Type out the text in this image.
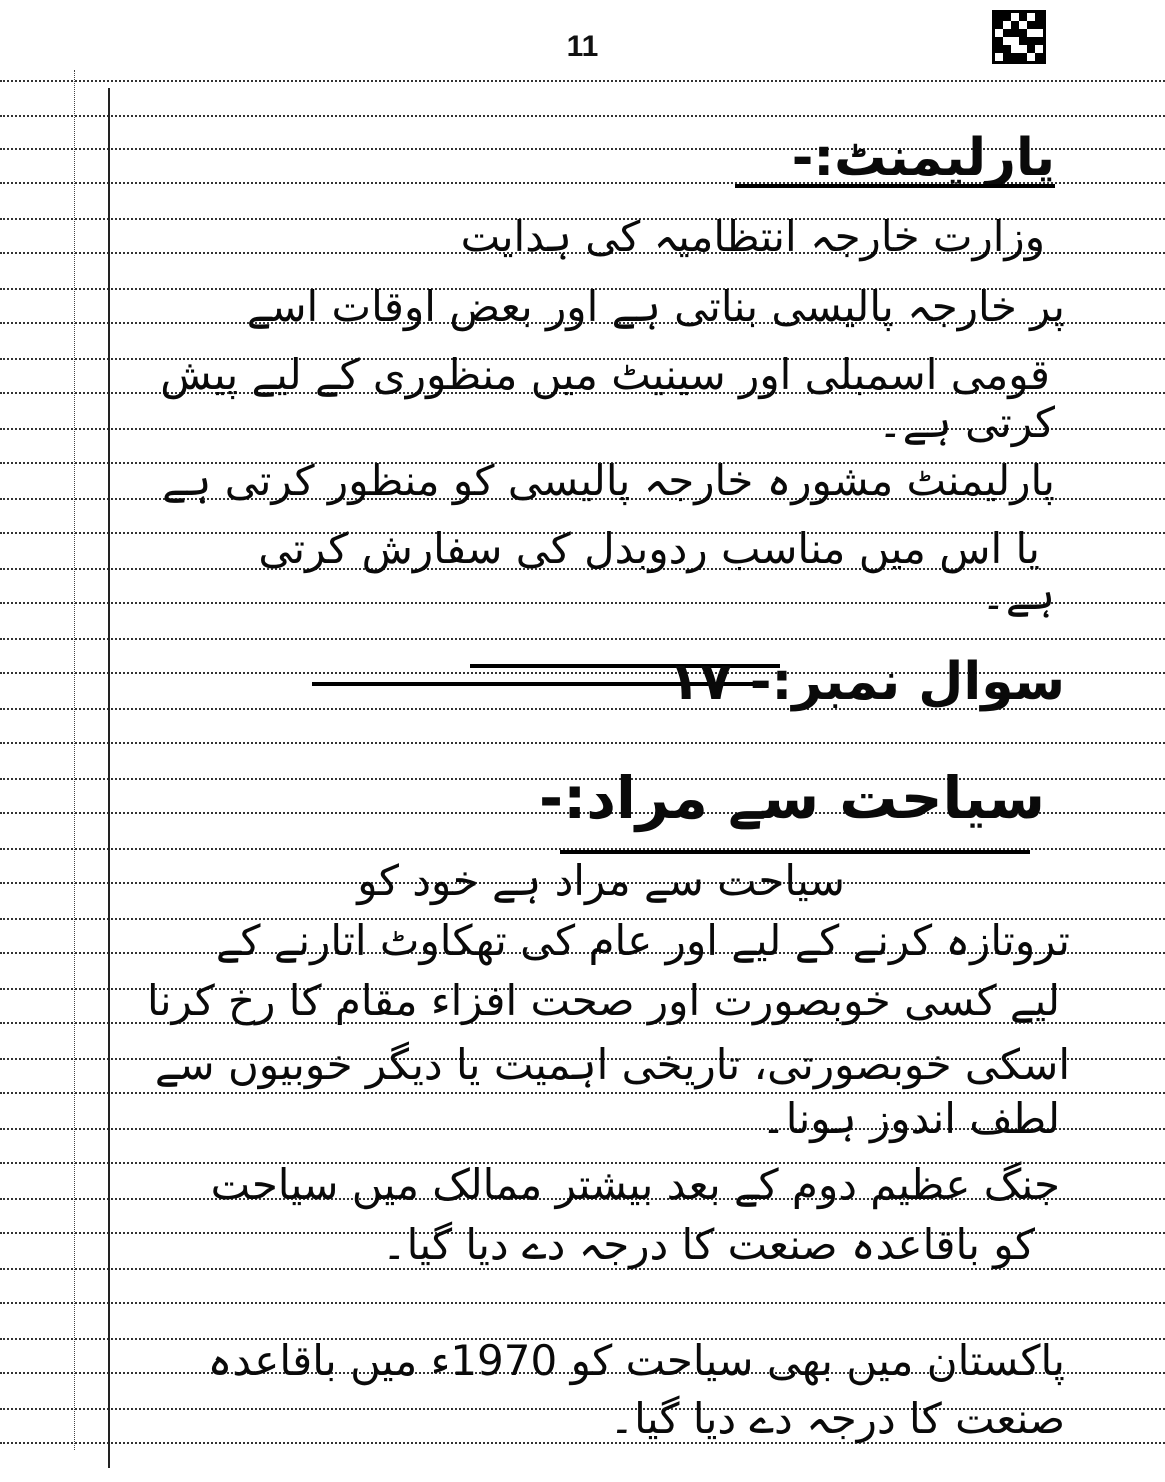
11
پارلیمنٹ:-
وزارت خارجہ انتظامیہ کی ہدایت
پر خارجہ پالیسی بناتی ہے اور بعض اوقات اسے
قومی اسمبلی اور سینیٹ میں منظوری کے لیے پیش
کرتی ہے۔
پارلیمنٹ مشورہ خارجہ پالیسی کو منظور کرتی ہے
یا اس میں مناسب ردوبدل کی سفارش کرتی
ہے۔
سوال نمبر:- ۱۷
سیاحت سے مراد:-
سیاحت سے مراد ہے خود کو
تروتازہ کرنے کے لیے اور عام کی تھکاوٹ اتارنے کے
لیے کسی خوبصورت اور صحت افزاء مقام کا رخ کرنا
اسکی خوبصورتی، تاریخی اہمیت یا دیگر خوبیوں سے
لطف اندوز ہونا۔
جنگ عظیم دوم کے بعد بیشتر ممالک میں سیاحت
کو باقاعدہ صنعت کا درجہ دے دیا گیا۔
پاکستان میں بھی سیاحت کو 1970ء میں باقاعدہ
صنعت کا درجہ دے دیا گیا۔
